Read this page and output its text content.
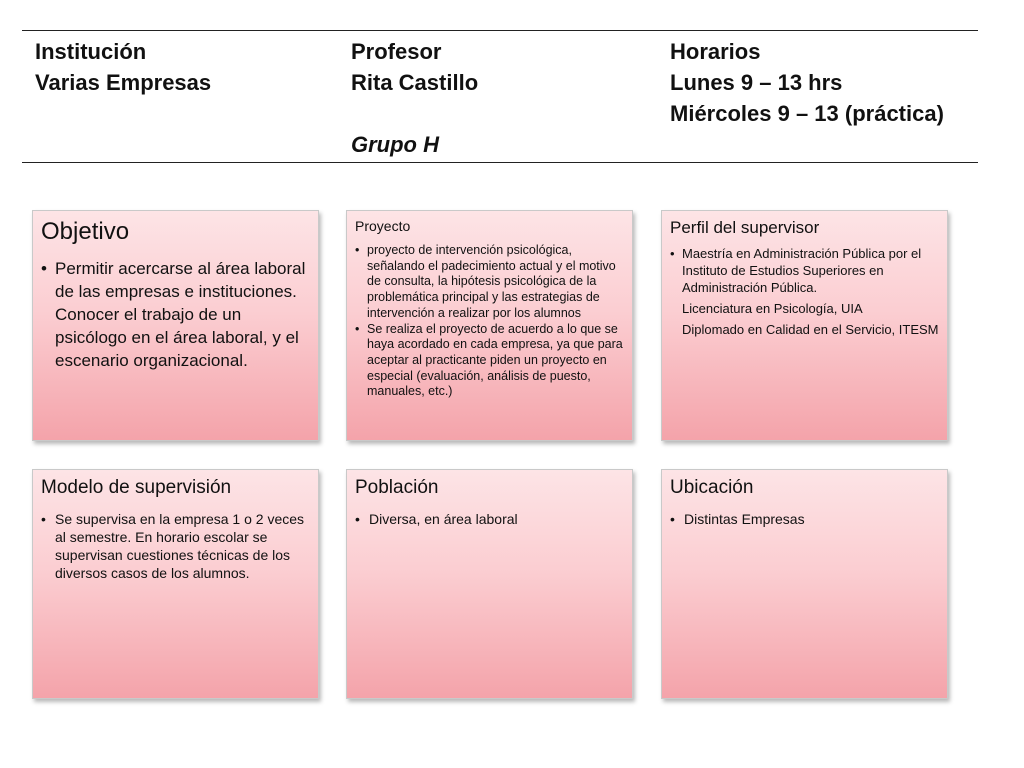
Institución
Varias Empresas
Profesor
Rita Castillo
Grupo H
Horarios
Lunes 9 – 13 hrs
Miércoles 9 – 13 (práctica)
Objetivo
• Permitir acercarse al área laboral de las empresas e instituciones. Conocer el trabajo de un psicólogo en el área laboral, y el escenario organizacional.
Proyecto
• proyecto de intervención psicológica, señalando el padecimiento actual y el motivo de consulta, la hipótesis psicológica de la problemática principal y las estrategias de intervención a realizar por los alumnos
• Se realiza el proyecto de acuerdo a lo que se haya acordado en cada empresa, ya que para aceptar al practicante piden un proyecto en especial (evaluación, análisis de puesto, manuales, etc.)
Perfil del supervisor
• Maestría en Administración Pública por el Instituto de Estudios Superiores en Administración Pública.
Licenciatura en Psicología, UIA
Diplomado en Calidad en el Servicio, ITESM
Modelo de supervisión
• Se supervisa en la empresa 1 o 2 veces al semestre. En horario escolar se supervisan cuestiones técnicas de los diversos casos de los alumnos.
Población
• Diversa, en área laboral
Ubicación
• Distintas Empresas
